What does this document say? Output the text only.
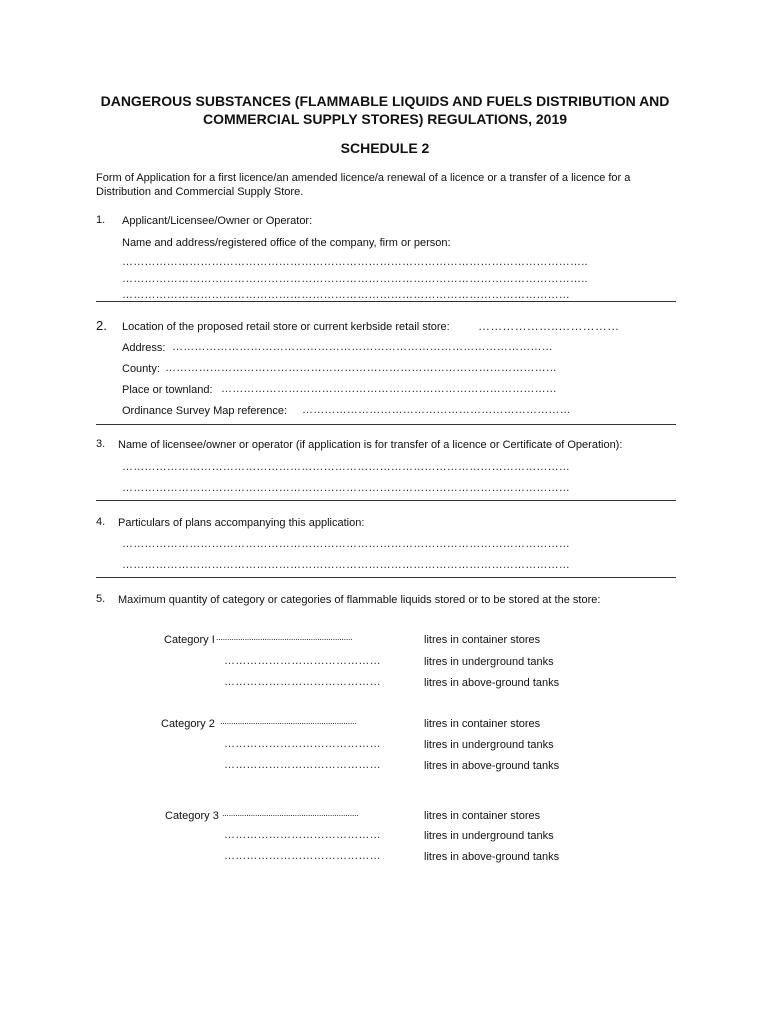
DANGEROUS SUBSTANCES (FLAMMABLE LIQUIDS AND FUELS DISTRIBUTION AND
COMMERCIAL SUPPLY STORES) REGULATIONS, 2019
SCHEDULE 2
Form of Application for a first licence/an amended licence/a renewal of a licence or a transfer of a licence for a
Distribution and Commercial Supply Store.
1. Applicant/Licensee/Owner or Operator:
Name and address/registered office of the company, firm or person:
……………………………………………………………………………………………………………..
……………………………………………………………………………………………………………..
…………………………………………………………………………………………………………
2. Location of the proposed retail store or current kerbside retail store: ………………..……………
Address: …………………………………………………………………………………………
County: ……………………………………………………………………………………………
Place or townland: ………………………………………………………………………………
Ordinance Survey Map reference: ………………………………………………………………
3. Name of licensee/owner or operator (if application is for transfer of a licence or Certificate of Operation):
…………………………………………………………………………………………………………
…………………………………………………………………………………………………………
4. Particulars of plans accompanying this application:
…………………………………………………………………………………………………………
…………………………………………………………………………………………………………
5. Maximum quantity of category or categories of flammable liquids stored or to be stored at the store:
Category I ..............................................................	litres in container stores
……………………………………	litres in underground tanks
……………………………………	litres in above-ground tanks
Category 2 ..............................................................	litres in container stores
……………………………………	litres in underground tanks
……………………………………	litres in above-ground tanks
Category 3 ..............................................................	litres in container stores
……………………………………	litres in underground tanks
……………………………………	litres in above-ground tanks
